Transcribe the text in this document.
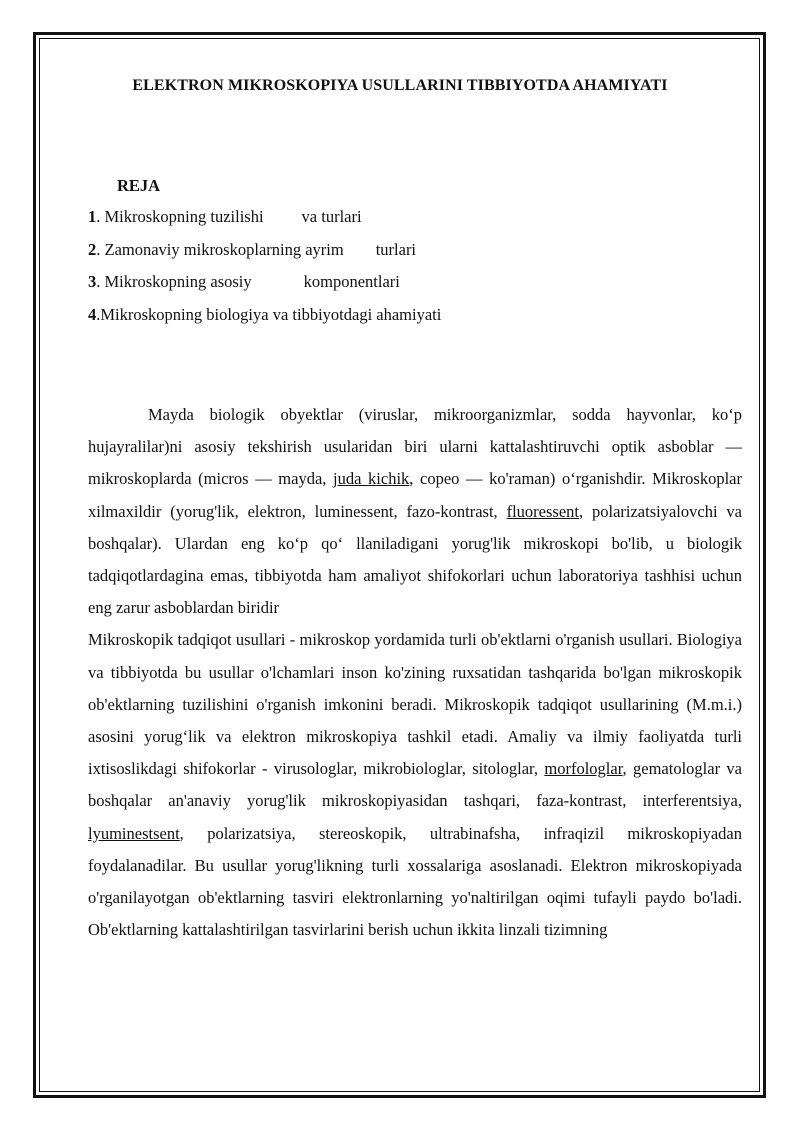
ELEKTRON MIKROSKOPIYA USULLARINI TIBBIYOTDA AHAMIYATI
REJA
1. Mikroskopning tuzilishi va turlari
2. Zamonaviy mikroskoplarning ayrim turlari
3. Mikroskopning asosiy	komponentlari
4.Mikroskopning biologiya va tibbiyotdagi ahamiyati

Mayda biologik obyektlar (viruslar, mikroorganizmlar, sodda hayvonlar, ko‘p hujayralilar)ni asosiy tekshirish usularidan biri ularni kattalashtiruvchi optik asboblar — mikroskoplarda (micros — mayda, juda kichik, copeo — ko'raman) o‘rganishdir. Mikroskoplar xilmaxildir (yorug'lik, elektron, luminessent, fazo-kontrast, fluoressent, polarizatsiyalovchi va boshqalar). Ulardan eng ko‘p qo‘ llaniladigani yorug'lik mikroskopi bo'lib, u biologik tadqiqotlardagina emas, tibbiyotda ham amaliyot shifokorlari uchun laboratoriya tashhisi uchun eng zarur asboblardan biridir

Mikroskopik tadqiqot usullari - mikroskop yordamida turli ob'ektlarni o'rganish usullari. Biologiya va tibbiyotda bu usullar o'lchamlari inson ko'zining ruxsatidan tashqarida bo'lgan mikroskopik ob'ektlarning tuzilishini o'rganish imkonini beradi. Mikroskopik tadqiqot usullarining (M.m.i.) asosini yorug‘lik va elektron mikroskopiya tashkil etadi. Amaliy va ilmiy faoliyatda turli ixtisoslikdagi shifokorlar - virusologlar, mikrobiologlar, sitologlar, morfologlar, gematologlar va boshqalar an'anaviy yorug'lik mikroskopiyasidan tashqari, faza-kontrast, interferentsiya, lyuminestsent, polarizatsiya, stereoskopik, ultrabinafsha, infraqizil mikroskopiyadan foydalanadilar. Bu usullar yorug'likning turli xossalariga asoslanadi. Elektron mikroskopiyada o'rganilayotgan ob'ektlarning tasviri elektronlarning yo'naltirilgan oqimi tufayli paydo bo'ladi. Ob'ektlarning kattalashtirilgan tasvirlarini berish uchun ikkita linzali tizimning
